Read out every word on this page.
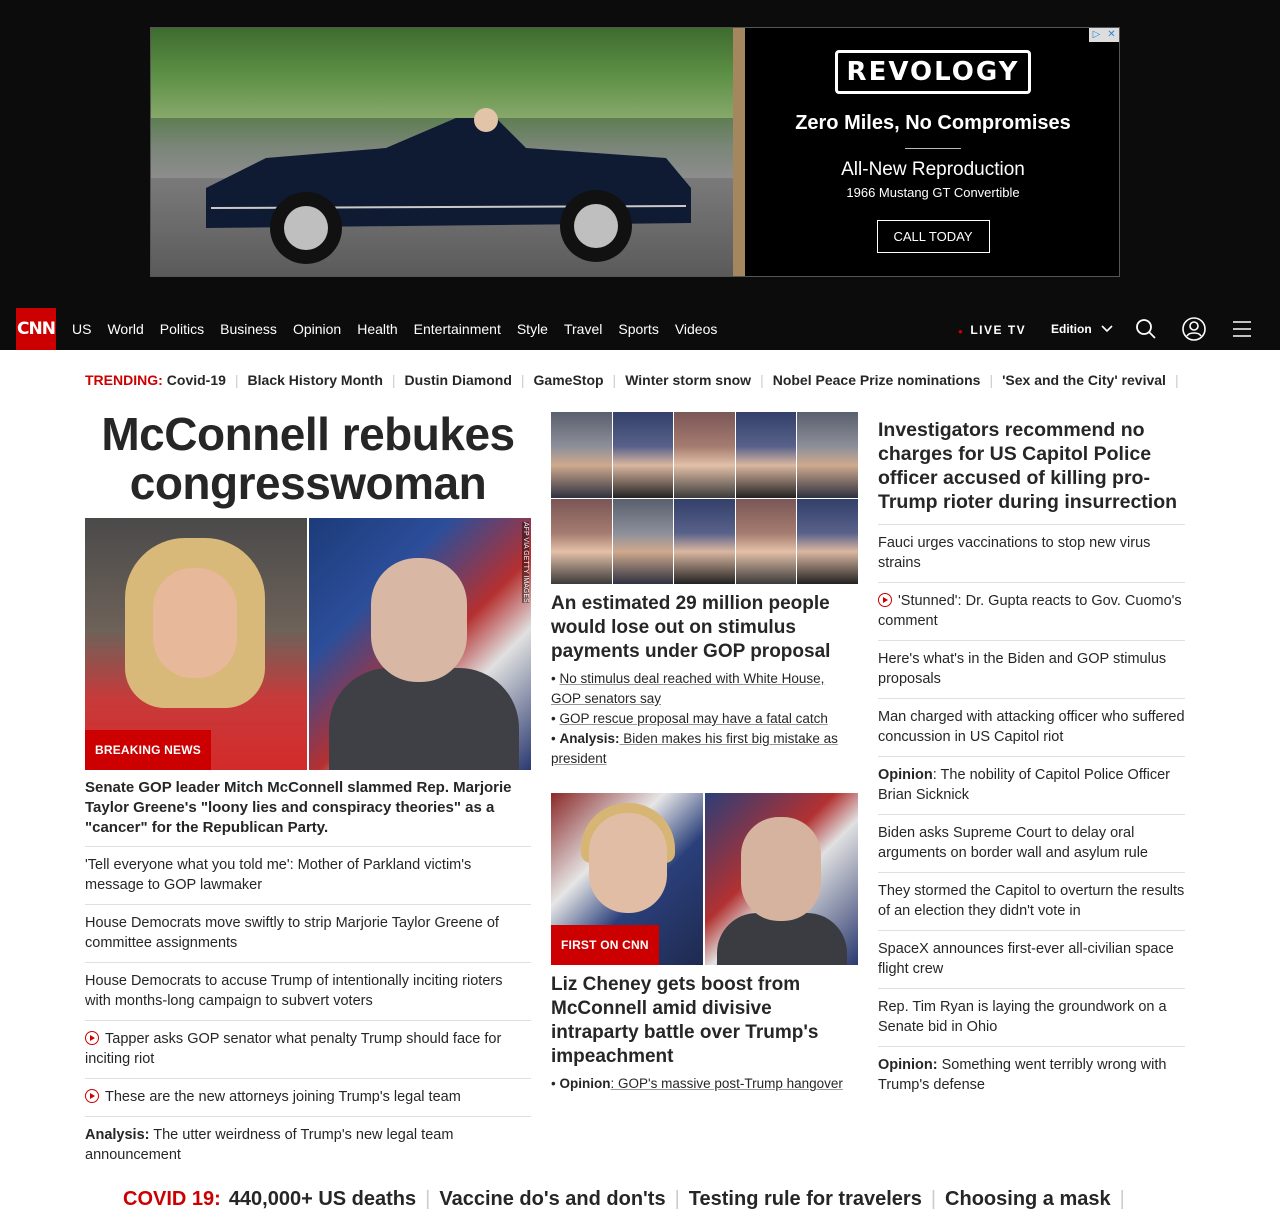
REVOLOGY
Zero Miles, No Compromises
All-New Reproduction
1966 Mustang GT Convertible
CALL TODAY
▷ ✕
CNN US World Politics Business Opinion Health Entertainment Style Travel Sports Videos	● LIVE TV Edition
TRENDING: Covid-19 | Black History Month | Dustin Diamond | GameStop | Winter storm snow | Nobel Peace Prize nominations | 'Sex and the City' revival |
McConnell rebukes congresswoman
AFP VIA GETTY IMAGES
BREAKING NEWS
Senate GOP leader Mitch McConnell slammed Rep. Marjorie Taylor Greene's "loony lies and conspiracy theories" as a "cancer" for the Republican Party.
'Tell everyone what you told me': Mother of Parkland victim's message to GOP lawmaker
House Democrats move swiftly to strip Marjorie Taylor Greene of committee assignments
House Democrats to accuse Trump of intentionally inciting rioters with months-long campaign to subvert voters
Tapper asks GOP senator what penalty Trump should face for inciting riot
These are the new attorneys joining Trump's legal team
Analysis: The utter weirdness of Trump's new legal team announcement
An estimated 29 million people would lose out on stimulus payments under GOP proposal
• No stimulus deal reached with White House, GOP senators say
• GOP rescue proposal may have a fatal catch
• Analysis: Biden makes his first big mistake as president
FIRST ON CNN
Liz Cheney gets boost from McConnell amid divisive intraparty battle over Trump's impeachment
• Opinion: GOP's massive post-Trump hangover
Investigators recommend no charges for US Capitol Police officer accused of killing pro-Trump rioter during insurrection
Fauci urges vaccinations to stop new virus strains
'Stunned': Dr. Gupta reacts to Gov. Cuomo's comment
Here's what's in the Biden and GOP stimulus proposals
Man charged with attacking officer who suffered concussion in US Capitol riot
Opinion: The nobility of Capitol Police Officer Brian Sicknick
Biden asks Supreme Court to delay oral arguments on border wall and asylum rule
They stormed the Capitol to overturn the results of an election they didn't vote in
SpaceX announces first-ever all-civilian space flight crew
Rep. Tim Ryan is laying the groundwork on a Senate bid in Ohio
Opinion: Something went terribly wrong with Trump's defense
COVID 19: 440,000+ US deaths | Vaccine do's and don'ts | Testing rule for travelers | Choosing a mask |
